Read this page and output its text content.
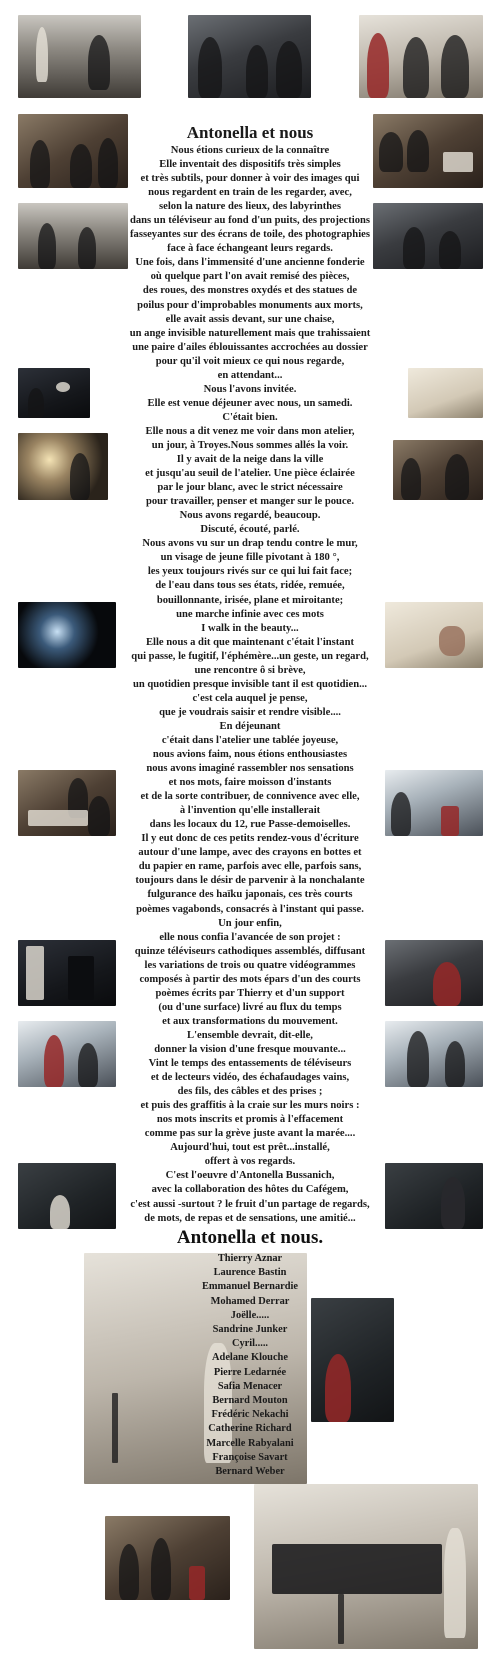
Antonella et nous

Nous étions curieux de la connaître

Elle inventait des dispositifs très simples

et très subtils, pour donner à voir des images qui

nous regardent en train de les regarder, avec,

selon la nature des lieux, des labyrinthes

dans un téléviseur au fond d'un puits, des projections

fasseyantes sur des écrans de toile, des photographies

face à face échangeant leurs regards.

Une fois, dans l'immensité d'une ancienne fonderie

où quelque part l'on avait remisé des pièces,

des roues, des monstres oxydés et des statues de

poilus pour d'improbables monuments aux morts,

elle avait assis devant, sur une chaise,

un ange invisible naturellement mais que trahissaient

une paire d'ailes éblouissantes accrochées au dossier

pour qu'il voit mieux ce qui nous regarde,

en attendant...

Nous l'avons invitée.

Elle est venue déjeuner avec nous, un samedi.

C'était bien.

Elle nous a dit venez me voir dans mon atelier,

un jour, à Troyes.Nous sommes allés la voir.

Il y avait de la neige dans la ville

et jusqu'au seuil de l'atelier. Une pièce éclairée

par le jour blanc, avec le strict nécessaire

pour travailler, penser et manger sur le pouce.

Nous avons regardé, beaucoup.

Discuté, écouté, parlé.

Nous avons vu sur un drap tendu contre le mur,

un visage de jeune fille pivotant à 180 °,

les yeux toujours rivés sur ce qui lui fait face;

de l'eau dans tous ses états, ridée, remuée,

bouillonnante, irisée, plane et miroitante;

une marche infinie avec ces mots

I walk in the beauty...

Elle nous a dit que maintenant c'était l'instant

qui passe, le fugitif, l'éphémère...un geste, un regard,

une rencontre ô si brève,

un quotidien presque invisible tant il est quotidien...

c'est cela auquel je pense,

que je voudrais saisir et rendre visible....

En déjeunant

c'était dans l'atelier une tablée joyeuse,

nous avions faim, nous étions enthousiastes

nous avons imaginé rassembler nos sensations

et nos mots, faire moisson d'instants

et de la sorte contribuer, de connivence avec elle,

à l'invention qu'elle installerait

dans les locaux du 12, rue Passe-demoiselles.

Il y eut donc de ces petits rendez-vous d'écriture

autour d'une lampe, avec des crayons en bottes et

du papier en rame, parfois avec elle, parfois sans,

toujours dans le désir de parvenir à la nonchalante

fulgurance des haïku japonais, ces très courts

poèmes vagabonds, consacrés à l'instant qui passe.

Un jour enfin,

elle nous confia l'avancée de son projet :

quinze téléviseurs cathodiques assemblés, diffusant

les variations de trois ou quatre vidéogrammes

composés à partir des mots épars d'un des courts

poèmes écrits par Thierry et d'un support

(ou d'une surface) livré au flux du temps

et aux transformations du mouvement.

L'ensemble devrait, dit-elle,

donner la vision d'une fresque mouvante...

Vint le temps des entassements de téléviseurs

et de lecteurs vidéo, des échafaudages vains,

des fils, des câbles et des prises ;

et puis des graffitis à la craie sur les murs noirs :

nos mots inscrits et promis à l'effacement

comme pas sur la grève juste avant la marée....

Aujourd'hui, tout est prêt...installé,

offert à vos regards.

C'est l'oeuvre d'Antonella Bussanich,

avec la collaboration des hôtes du Cafégem,

c'est aussi -surtout ? le fruit d'un partage de regards,

de mots, de repas et de sensations, une amitié...

Antonella et nous.
Thierry Aznar
Laurence Bastin
Emmanuel Bernardie
Mohamed Derrar
Joëlle.....
Sandrine Junker
Cyril.....
Adelane Klouche
Pierre Ledarnée
Safia Menacer
Bernard Mouton
Frédéric Nekachi
Catherine Richard
Marcelle Rabyalani
Françoise Savart
Bernard Weber
